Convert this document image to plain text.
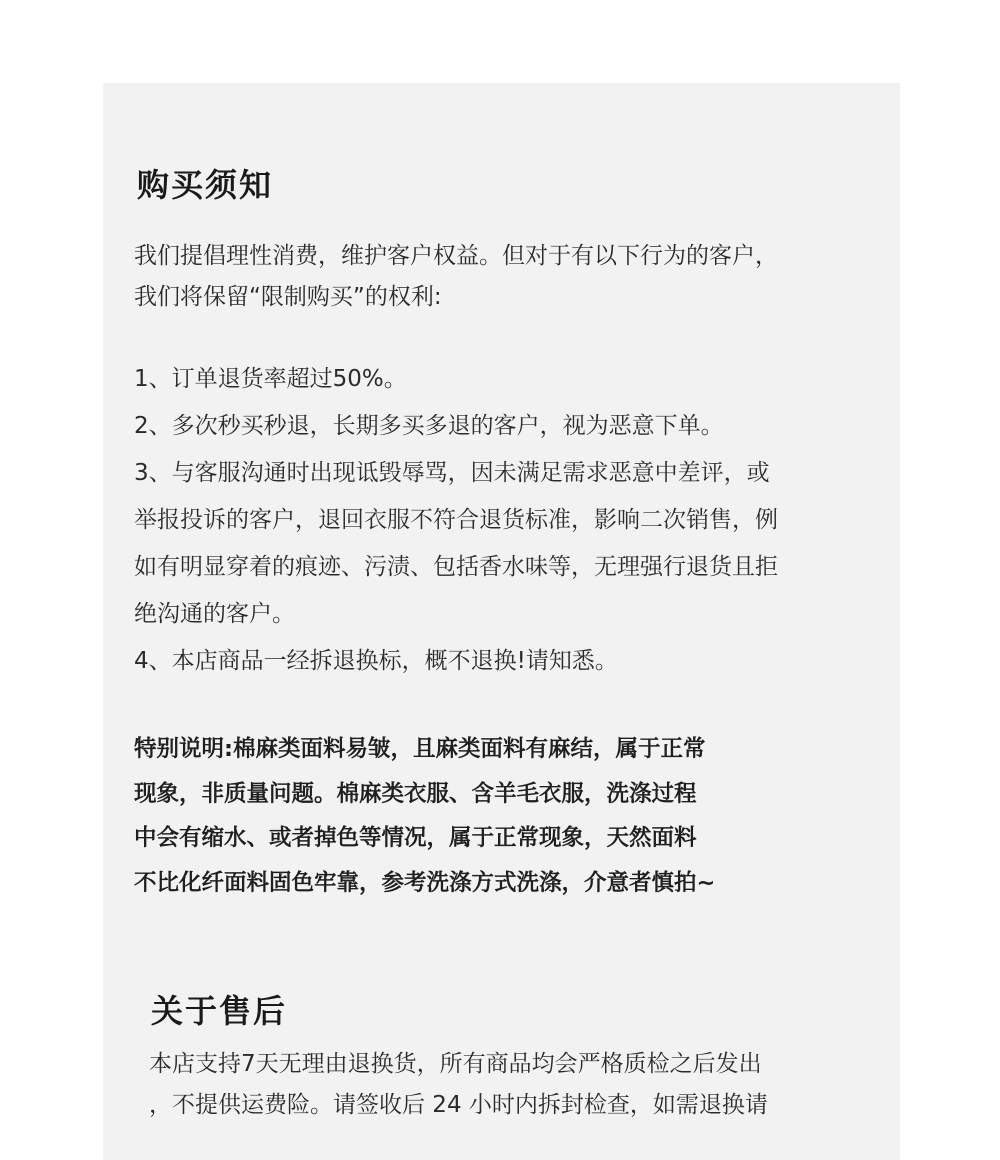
购买须知
我们提倡理性消费，维护客户权益。但对于有以下行为的客户，
我们将保留“限制购买”的权利:
1、订单退货率超过50%。
2、多次秒买秒退，长期多买多退的客户，视为恶意下单。
3、与客服沟通时出现诋毁辱骂，因未满足需求恶意中差评，或
举报投诉的客户，退回衣服不符合退货标准，影响二次销售，例
如有明显穿着的痕迹、污渍、包括香水味等，无理强行退货且拒
绝沟通的客户。
4、本店商品一经拆退换标，概不退换!请知悉。
特别说明:棉麻类面料易皱，且麻类面料有麻结，属于正常
现象，非质量问题。棉麻类衣服、含羊毛衣服，洗涤过程
中会有缩水、或者掉色等情况，属于正常现象，天然面料
不比化纤面料固色牢靠，参考洗涤方式洗涤，介意者慎拍~
关于售后
本店支持7天无理由退换货，所有商品均会严格质检之后发出
，不提供运费险。请签收后 24 小时内拆封检查，如需退换请
